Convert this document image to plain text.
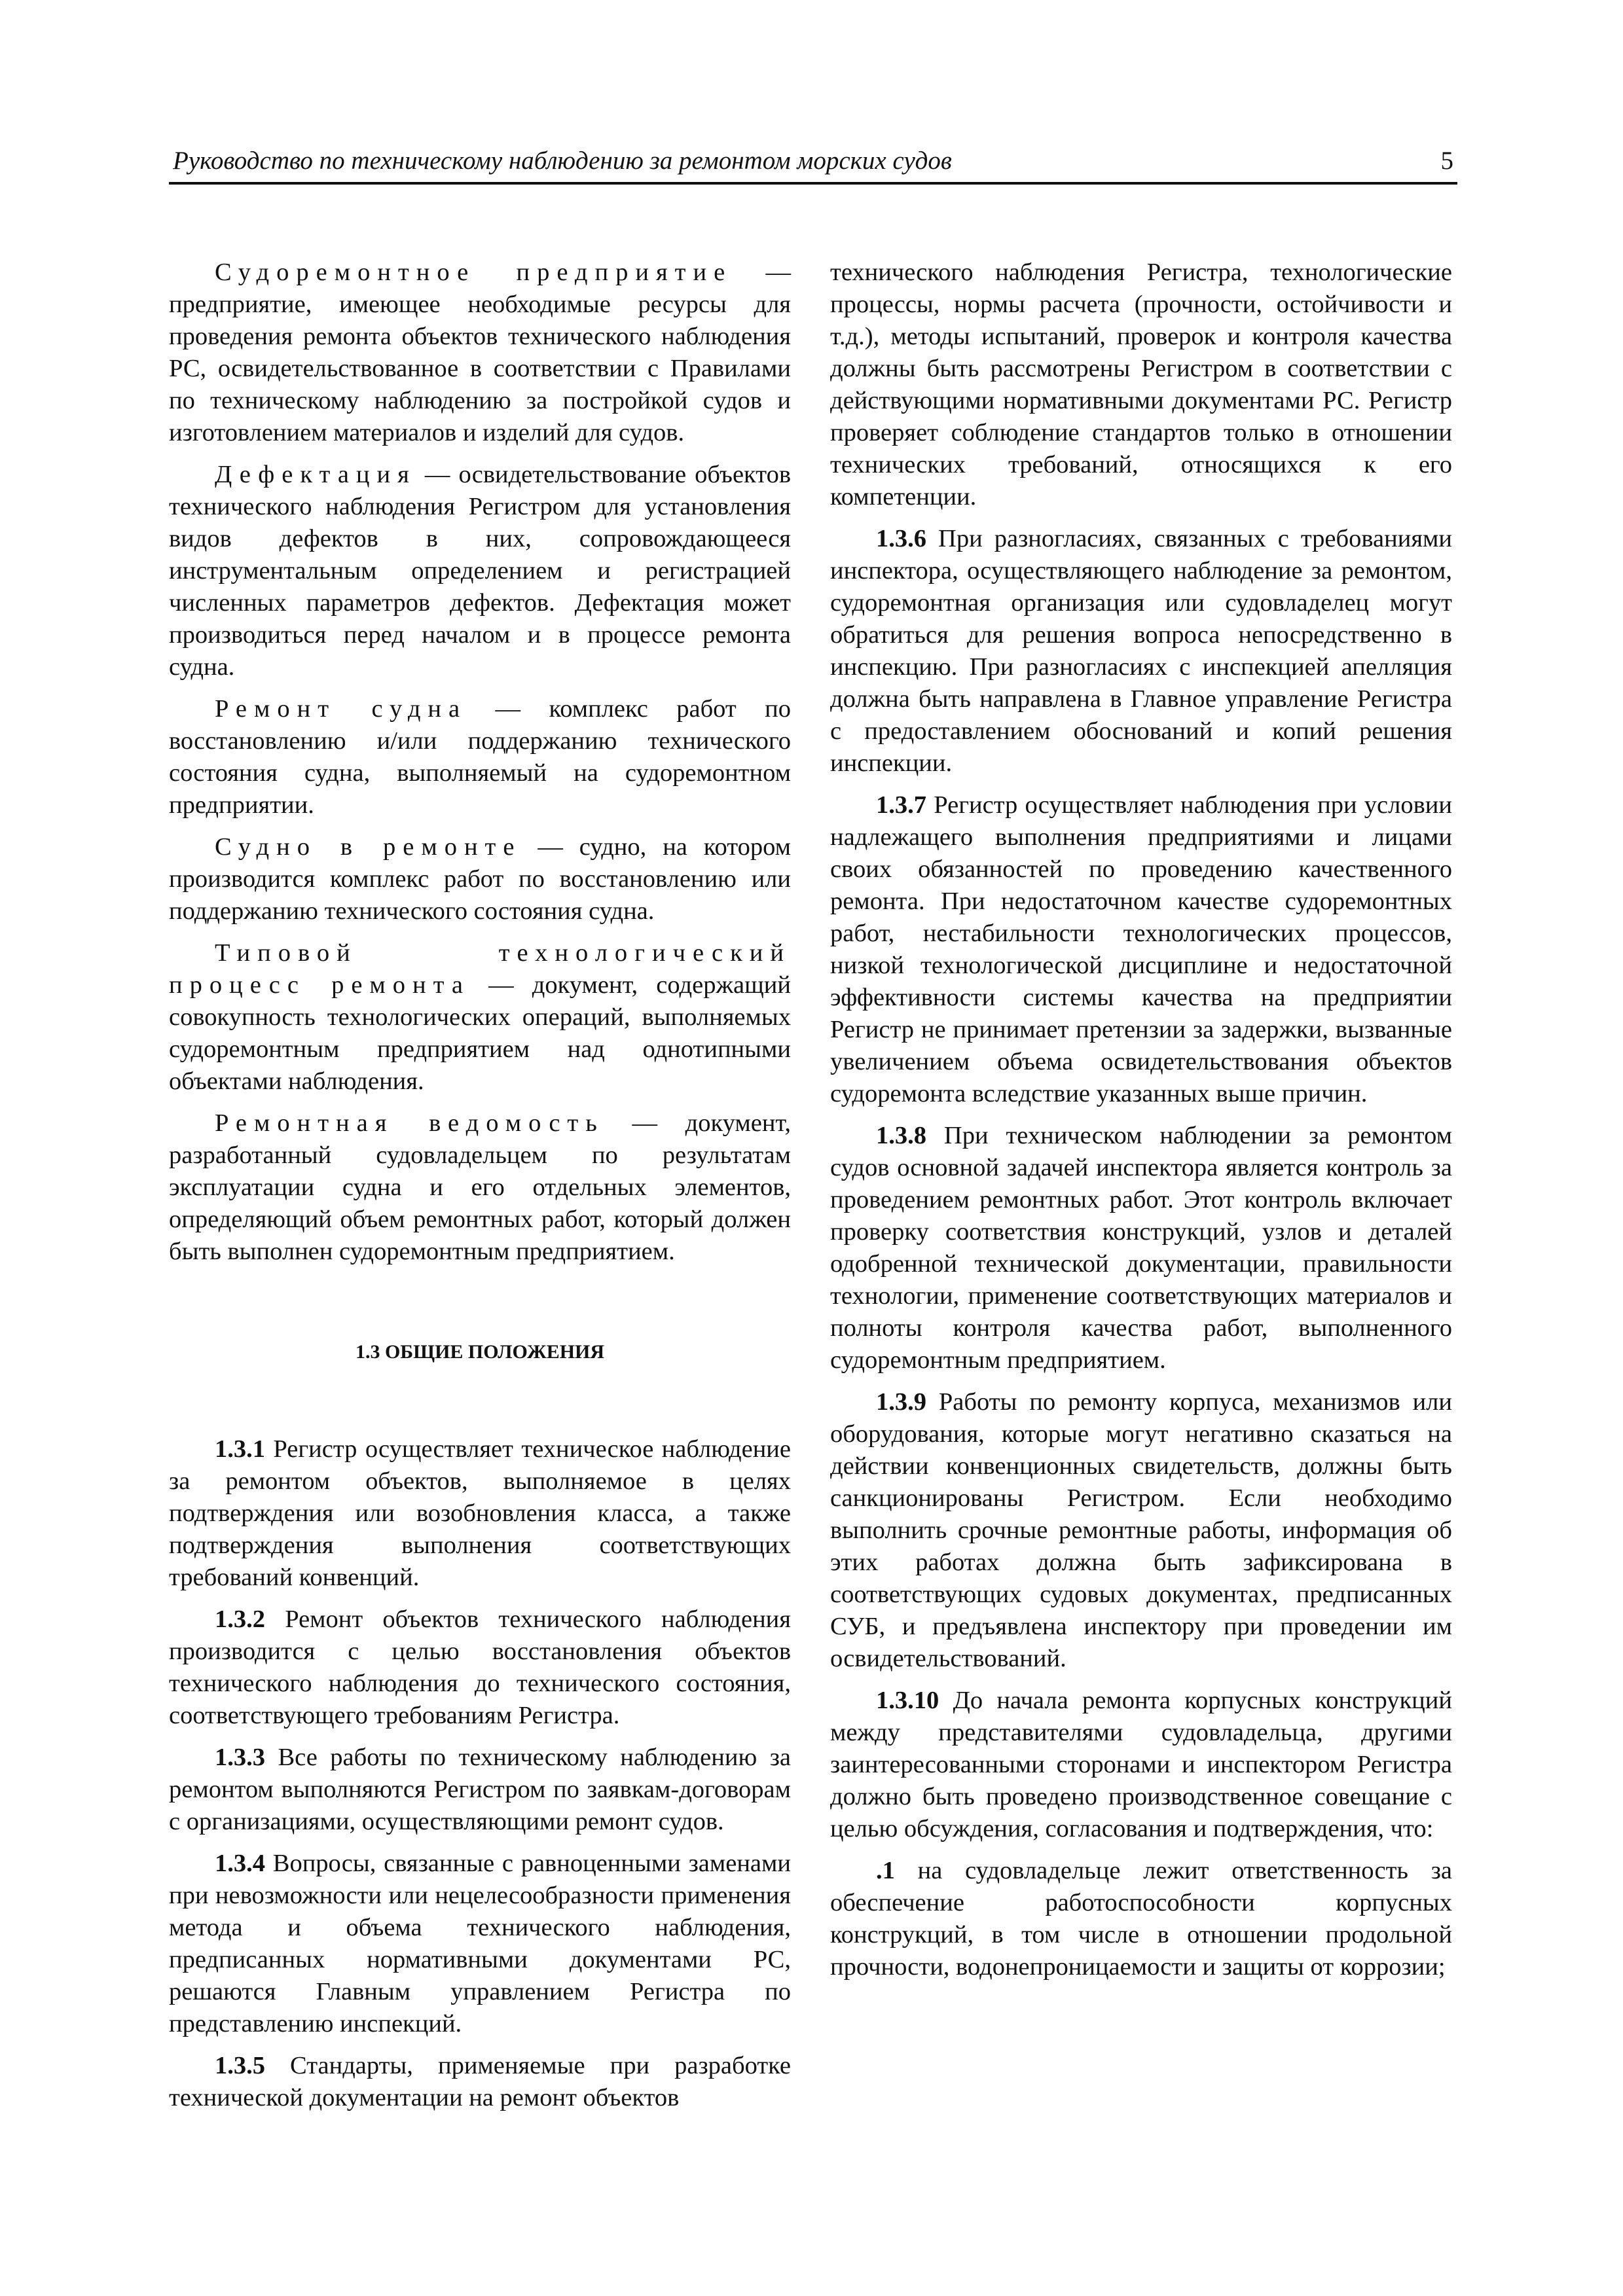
Руководство по техническому наблюдению за ремонтом морских судов	5

Судоремонтное предприятие — предприятие, имеющее необходимые ресурсы для проведения ремонта объектов технического наблюдения РС, освидетельствованное в соответствии с Правилами по техническому наблюдению за постройкой судов и изготовлением материалов и изделий для судов.

Дефектация — освидетельствование объектов технического наблюдения Регистром для установления видов дефектов в них, сопровождающееся инструментальным определением и регистрацией численных параметров дефектов. Дефектация может производиться перед началом и в процессе ремонта судна.

Ремонт судна — комплекс работ по восстановлению и/или поддержанию технического состояния судна, выполняемый на судоремонтном предприятии.

Судно в ремонте — судно, на котором производится комплекс работ по восстановлению или поддержанию технического состояния судна.

Типовой технологический процесс ремонта — документ, содержащий совокупность технологических операций, выполняемых судоремонтным предприятием над однотипными объектами наблюдения.

Ремонтная ведомость — документ, разработанный судовладельцем по результатам эксплуатации судна и его отдельных элементов, определяющий объем ремонтных работ, который должен быть выполнен судоремонтным предприятием.

1.3 ОБЩИЕ ПОЛОЖЕНИЯ

1.3.1 Регистр осуществляет техническое наблюдение за ремонтом объектов, выполняемое в целях подтверждения или возобновления класса, а также подтверждения выполнения соответствующих требований конвенций.

1.3.2 Ремонт объектов технического наблюдения производится с целью восстановления объектов технического наблюдения до технического состояния, соответствующего требованиям Регистра.

1.3.3 Все работы по техническому наблюдению за ремонтом выполняются Регистром по заявкам-договорам с организациями, осуществляющими ремонт судов.

1.3.4 Вопросы, связанные с равноценными заменами при невозможности или нецелесообразности применения метода и объема технического наблюдения, предписанных нормативными документами РС, решаются Главным управлением Регистра по представлению инспекций.

1.3.5 Стандарты, применяемые при разработке технической документации на ремонт объектов

технического наблюдения Регистра, технологические процессы, нормы расчета (прочности, остойчивости и т.д.), методы испытаний, проверок и контроля качества должны быть рассмотрены Регистром в соответствии с действующими нормативными документами РС. Регистр проверяет соблюдение стандартов только в отношении технических требований, относящихся к его компетенции.

1.3.6 При разногласиях, связанных с требованиями инспектора, осуществляющего наблюдение за ремонтом, судоремонтная организация или судовладелец могут обратиться для решения вопроса непосредственно в инспекцию. При разногласиях с инспекцией апелляция должна быть направлена в Главное управление Регистра с предоставлением обоснований и копий решения инспекции.

1.3.7 Регистр осуществляет наблюдения при условии надлежащего выполнения предприятиями и лицами своих обязанностей по проведению качественного ремонта. При недостаточном качестве судоремонтных работ, нестабильности технологических процессов, низкой технологической дисциплине и недостаточной эффективности системы качества на предприятии Регистр не принимает претензии за задержки, вызванные увеличением объема освидетельствования объектов судоремонта вследствие указанных выше причин.

1.3.8 При техническом наблюдении за ремонтом судов основной задачей инспектора является контроль за проведением ремонтных работ. Этот контроль включает проверку соответствия конструкций, узлов и деталей одобренной технической документации, правильности технологии, применение соответствующих материалов и полноты контроля качества работ, выполненного судоремонтным предприятием.

1.3.9 Работы по ремонту корпуса, механизмов или оборудования, которые могут негативно сказаться на действии конвенционных свидетельств, должны быть санкционированы Регистром. Если необходимо выполнить срочные ремонтные работы, информация об этих работах должна быть зафиксирована в соответствующих судовых документах, предписанных СУБ, и предъявлена инспектору при проведении им освидетельствований.

1.3.10 До начала ремонта корпусных конструкций между представителями судовладельца, другими заинтересованными сторонами и инспектором Регистра должно быть проведено производственное совещание с целью обсуждения, согласования и подтверждения, что:

.1 на судовладельце лежит ответственность за обеспечение работоспособности корпусных конструкций, в том числе в отношении продольной прочности, водонепроницаемости и защиты от коррозии;
